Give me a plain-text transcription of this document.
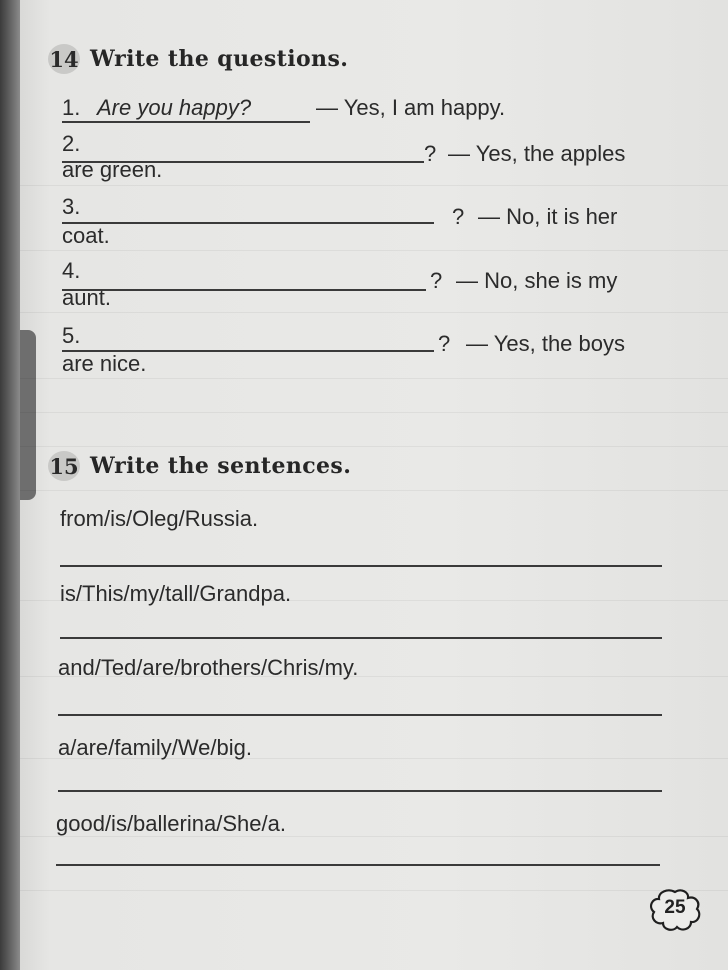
14 Write the questions.
1. Are you happy?	— Yes, I am happy.
2.	? — Yes, the apples
are green.
3.	? — No, it is her
coat.
4.	? — No, she is my
aunt.
5.	? — Yes, the boys
are nice.
15 Write the sentences.
from/is/Oleg/Russia.
is/This/my/tall/Grandpa.
and/Ted/are/brothers/Chris/my.
a/are/family/We/big.
good/is/ballerina/She/a.
25
